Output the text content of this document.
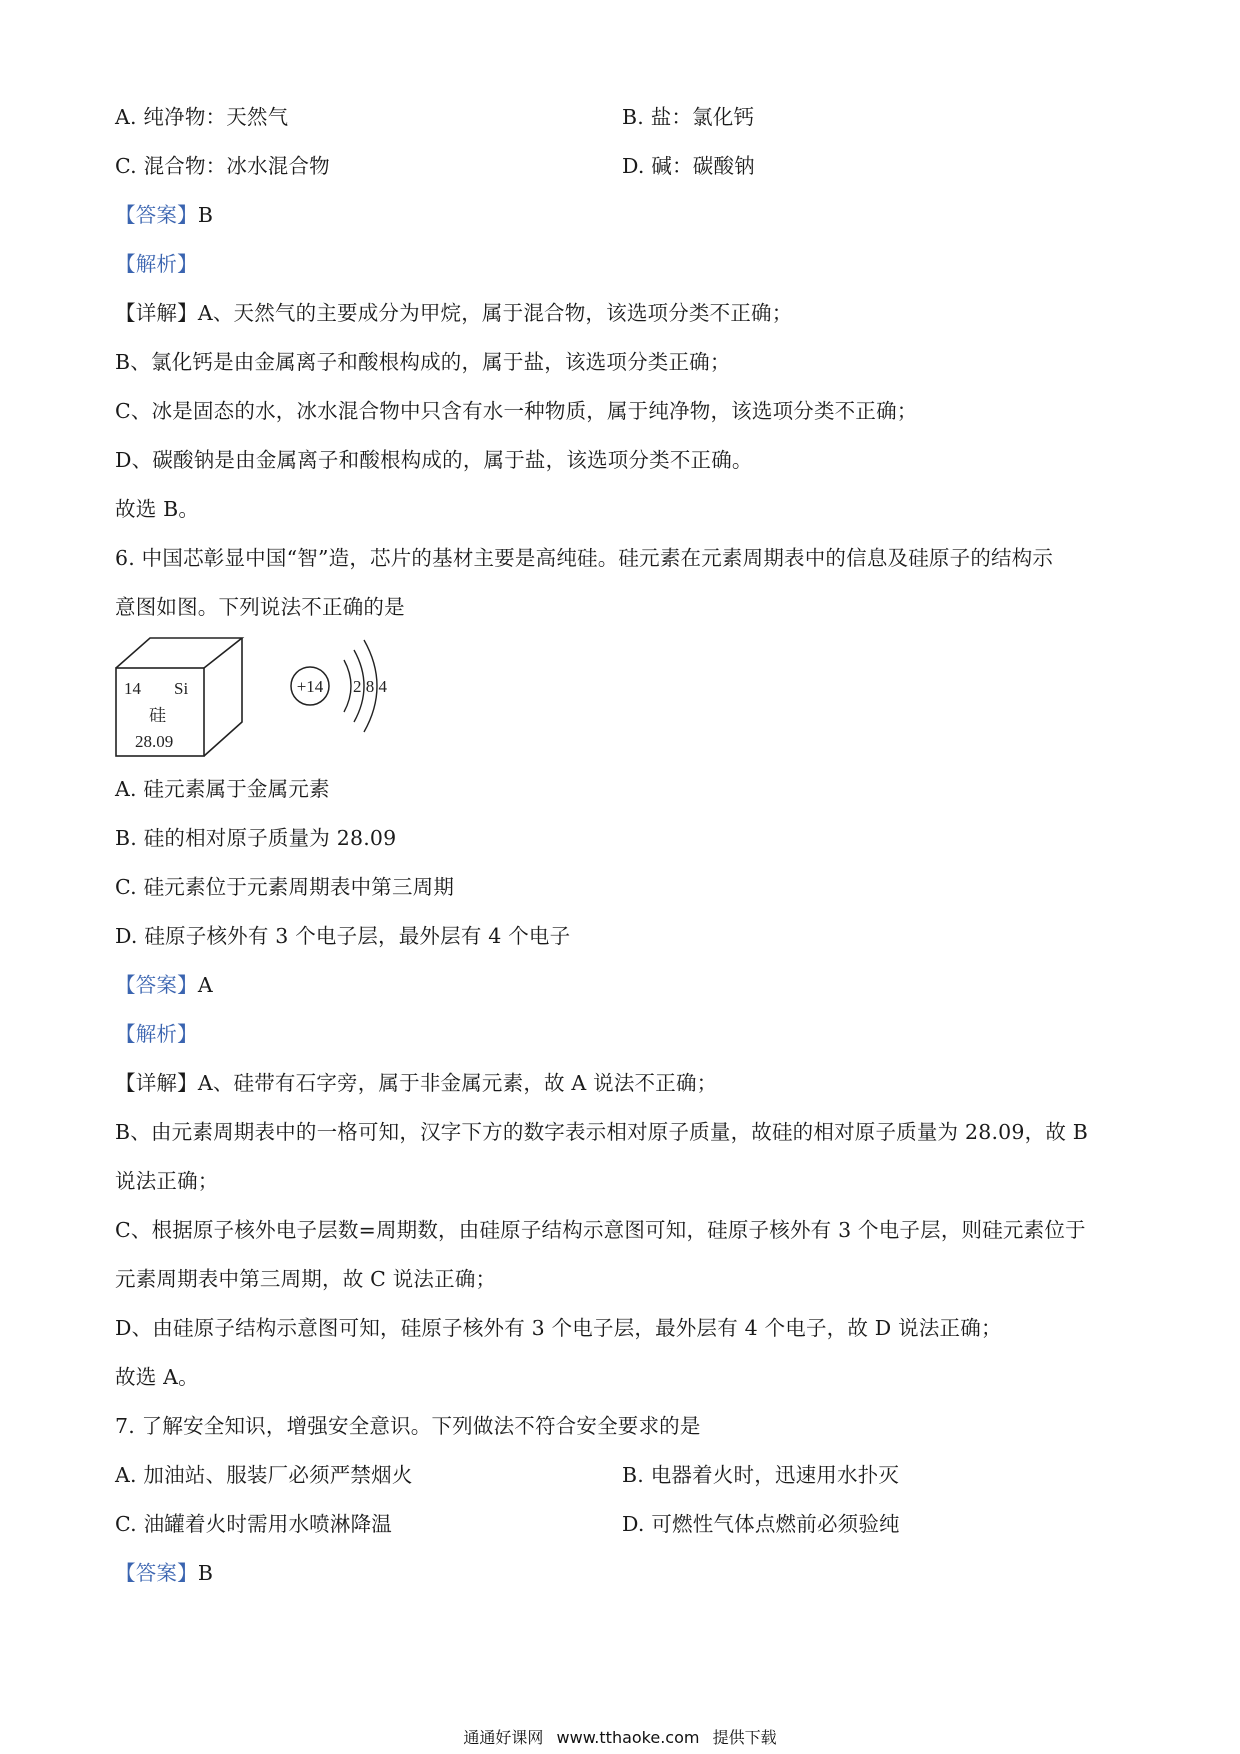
A. 纯净物：天然气	B. 盐：氯化钙
C. 混合物：冰水混合物	D. 碱：碳酸钠
【答案】B
【解析】
【详解】A、天然气的主要成分为甲烷，属于混合物，该选项分类不正确；
B、氯化钙是由金属离子和酸根构成的，属于盐，该选项分类正确；
C、冰是固态的水，冰水混合物中只含有水一种物质，属于纯净物，该选项分类不正确；
D、碳酸钠是由金属离子和酸根构成的，属于盐，该选项分类不正确。
故选 B。
6. 中国芯彰显中国“智”造，芯片的基材主要是高纯硅。硅元素在元素周期表中的信息及硅原子的结构示
意图如图。下列说法不正确的是
14 Si
硅
28.09
+14 2 8 4
A. 硅元素属于金属元素
B. 硅的相对原子质量为 28.09
C. 硅元素位于元素周期表中第三周期
D. 硅原子核外有 3 个电子层，最外层有 4 个电子
【答案】A
【解析】
【详解】A、硅带有石字旁，属于非金属元素，故 A 说法不正确；
B、由元素周期表中的一格可知，汉字下方的数字表示相对原子质量，故硅的相对原子质量为 28.09，故 B
说法正确；
C、根据原子核外电子层数=周期数，由硅原子结构示意图可知，硅原子核外有 3 个电子层，则硅元素位于
元素周期表中第三周期，故 C 说法正确；
D、由硅原子结构示意图可知，硅原子核外有 3 个电子层，最外层有 4 个电子，故 D 说法正确；
故选 A。
7. 了解安全知识，增强安全意识。下列做法不符合安全要求的是
A. 加油站、服装厂必须严禁烟火	B. 电器着火时，迅速用水扑灭
C. 油罐着火时需用水喷淋降温	D. 可燃性气体点燃前必须验纯
【答案】B
通通好课网 www.tthaoke.com 提供下载
